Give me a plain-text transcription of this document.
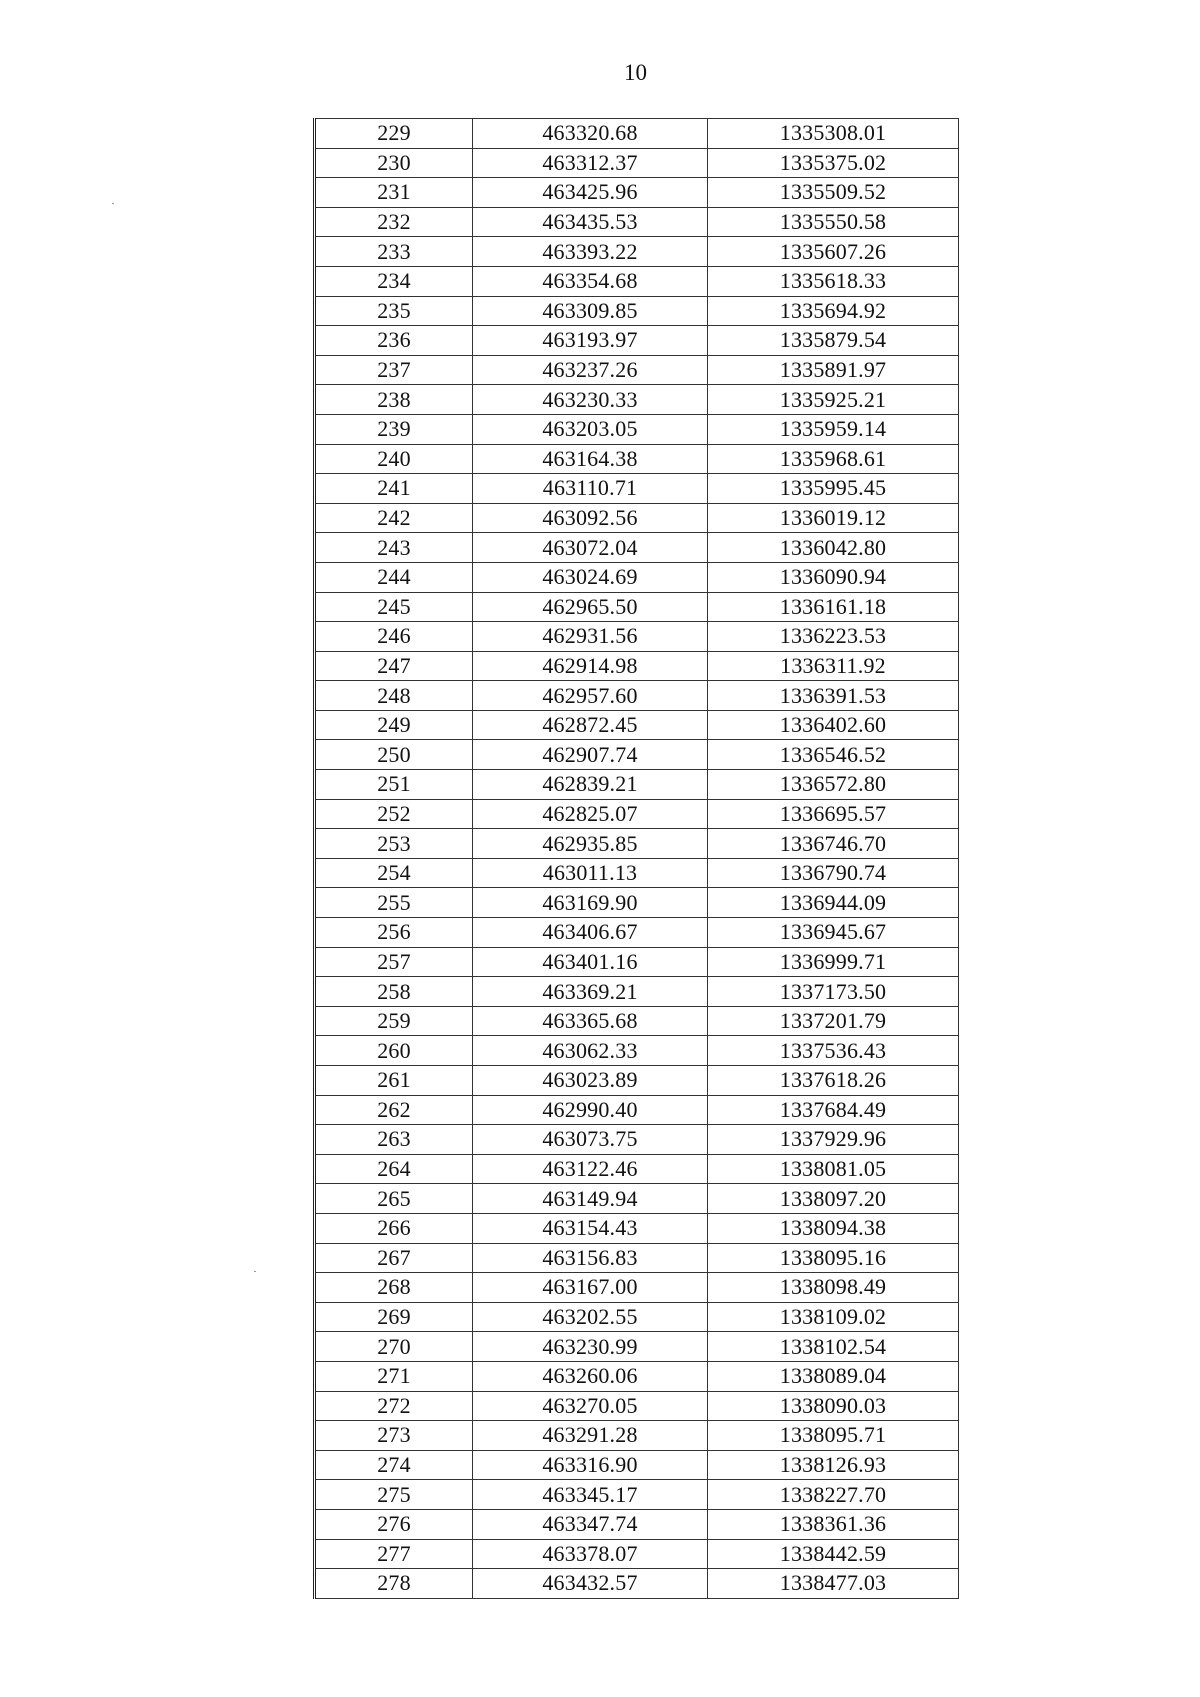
10
229	463320.68	1335308.01
230	463312.37	1335375.02
231	463425.96	1335509.52
232	463435.53	1335550.58
233	463393.22	1335607.26
234	463354.68	1335618.33
235	463309.85	1335694.92
236	463193.97	1335879.54
237	463237.26	1335891.97
238	463230.33	1335925.21
239	463203.05	1335959.14
240	463164.38	1335968.61
241	463110.71	1335995.45
242	463092.56	1336019.12
243	463072.04	1336042.80
244	463024.69	1336090.94
245	462965.50	1336161.18
246	462931.56	1336223.53
247	462914.98	1336311.92
248	462957.60	1336391.53
249	462872.45	1336402.60
250	462907.74	1336546.52
251	462839.21	1336572.80
252	462825.07	1336695.57
253	462935.85	1336746.70
254	463011.13	1336790.74
255	463169.90	1336944.09
256	463406.67	1336945.67
257	463401.16	1336999.71
258	463369.21	1337173.50
259	463365.68	1337201.79
260	463062.33	1337536.43
261	463023.89	1337618.26
262	462990.40	1337684.49
263	463073.75	1337929.96
264	463122.46	1338081.05
265	463149.94	1338097.20
266	463154.43	1338094.38
267	463156.83	1338095.16
268	463167.00	1338098.49
269	463202.55	1338109.02
270	463230.99	1338102.54
271	463260.06	1338089.04
272	463270.05	1338090.03
273	463291.28	1338095.71
274	463316.90	1338126.93
275	463345.17	1338227.70
276	463347.74	1338361.36
277	463378.07	1338442.59
278	463432.57	1338477.03
